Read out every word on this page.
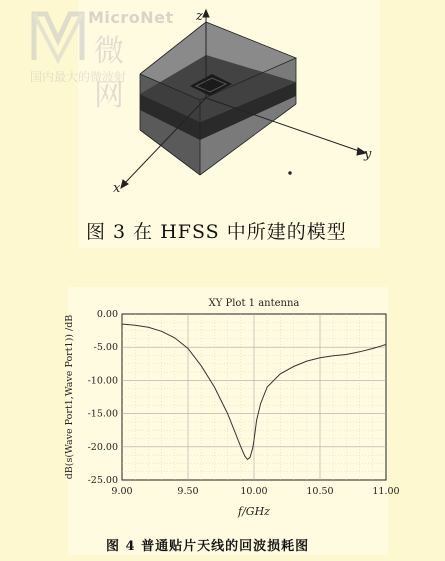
MicroNet
微 网
国内最大的微波射
z
y
x
图 3 在 HFSS 中所建的模型
9.00	9.50	10.00	10.50	11.00
0.00
-5.00
-10.00
-15.00
-20.00
-25.00
XY Plot 1 antenna
f/GHz
dB(s(Wave Port1,Wave Port1)) /dB
图 4 普通贴片天线的回波损耗图
